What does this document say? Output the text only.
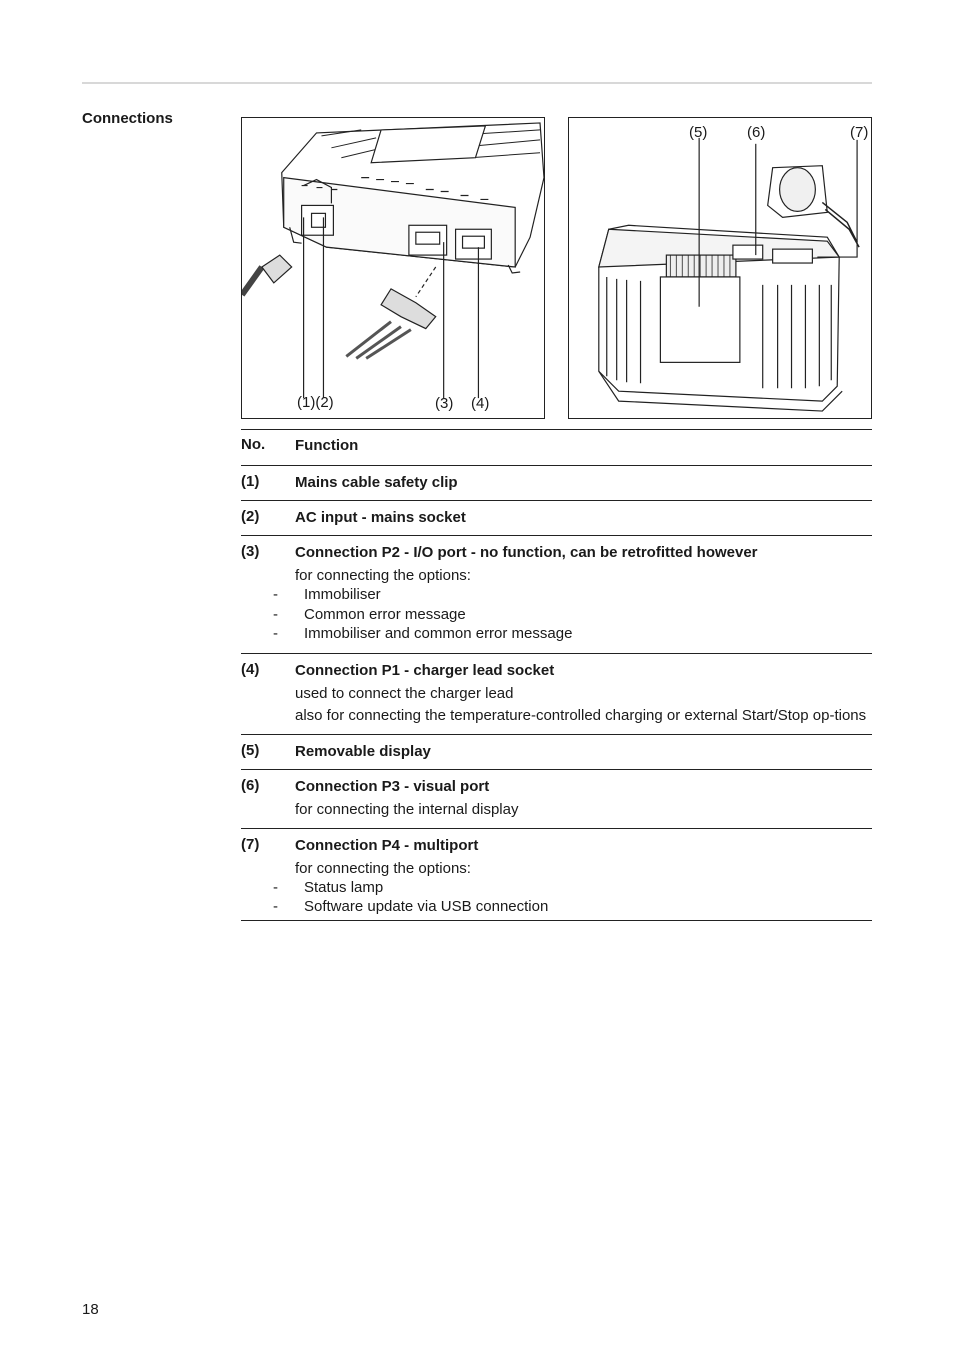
Connections
(1)(2)	(3) (4)
(5)	(6)	(7)
No. Function
(1) Mains cable safety clip
(2) AC input - mains socket
(3) Connection P2 - I/O port - no function, can be retrofitted however
for connecting the options:
- Immobiliser
- Common error message
- Immobiliser and common error message
(4) Connection P1 - charger lead socket
used to connect the charger lead
also for connecting the temperature-controlled charging or external Start/Stop op-tions
(5) Removable display
(6) Connection P3 - visual port
for connecting the internal display
(7) Connection P4 - multiport
for connecting the options:
- Status lamp
- Software update via USB connection
18
